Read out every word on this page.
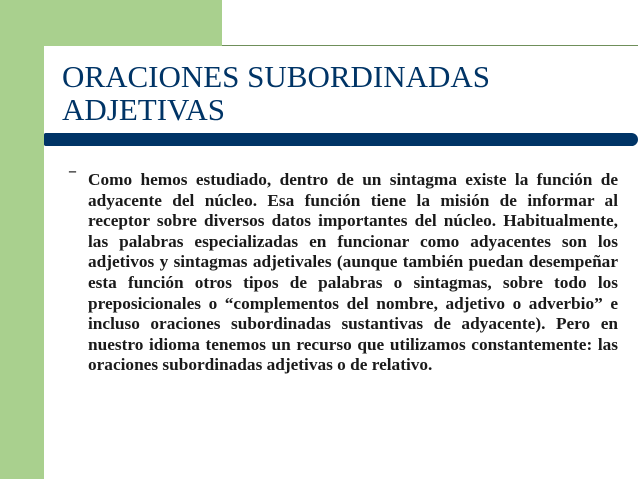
ORACIONES SUBORDINADAS ADJETIVAS
– Como hemos estudiado, dentro de un sintagma existe la función de adyacente del núcleo. Esa función tiene la misión de informar al receptor sobre diversos datos importantes del núcleo. Habitualmente, las palabras especializadas en funcionar como adyacentes son los adjetivos y sintagmas adjetivales (aunque también puedan desempeñar esta función otros tipos de palabras o sintagmas, sobre todo los preposicionales o “complementos del nombre, adjetivo o adverbio” e incluso oraciones subordinadas sustantivas de adyacente). Pero en nuestro idioma tenemos un recurso que utilizamos constantemente: las oraciones subordinadas adjetivas o de relativo.
